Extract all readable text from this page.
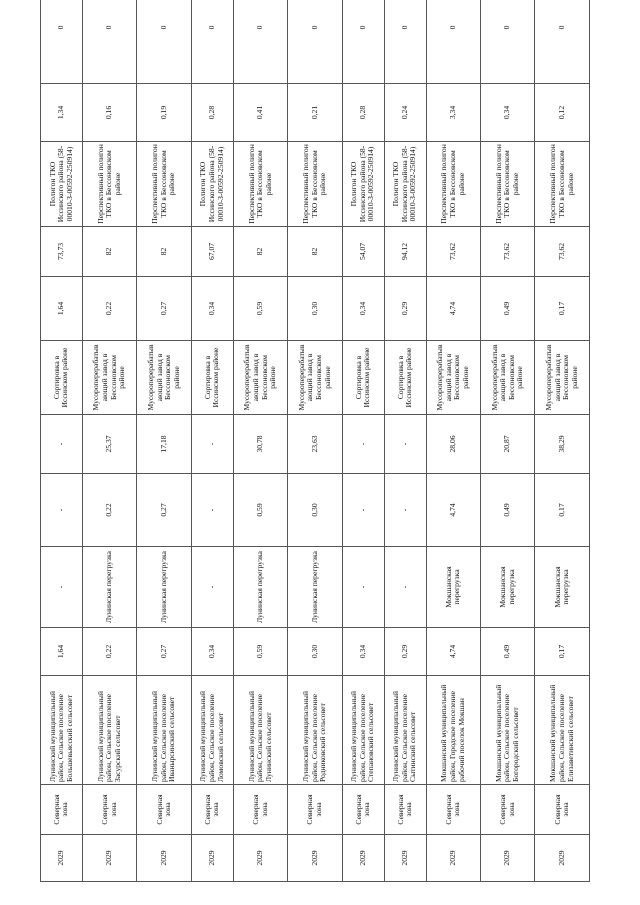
2029	Северная зона	Лунинский муниципальный район, Сельское поселение Большевьясский сельсовет	1,64	-	-	-	Сортировка в Иссинском районе	1,64	73,73	Полигон ТКО Иссинского района (58-00010-З-00592-250914)	1,34	0
2029	Северная зона	Лунинский муниципальный район, Сельское поселение Засурский сельсовет	0,22	Лунинская перегрузка	0,22	25,37	Мусороперерабатывающий завод в Бессоновском районе	0,22	82	Перспективный полигон ТКО в Бессоновском районе	0,16	0
2029	Северная зона	Лунинский муниципальный район, Сельское поселение Иванырсинский сельсовет	0,27	Лунинская перегрузка	0,27	17,18	Мусороперерабатывающий завод в Бессоновском районе	0,27	82	Перспективный полигон ТКО в Бессоновском районе	0,19	0
2029	Северная зона	Лунинский муниципальный район, Сельское поселение Ломовский сельсовет	0,34	-	-	-	Сортировка в Иссинском районе	0,34	67,07	Полигон ТКО Иссинского района (58-00010-З-00592-250914)	0,28	0
2029	Северная зона	Лунинский муниципальный район, Сельское поселение Лунинский сельсовет	0,59	Лунинская перегрузка	0,59	30,78	Мусороперерабатывающий завод в Бессоновском районе	0,59	82	Перспективный полигон ТКО в Бессоновском районе	0,41	0
2029	Северная зона	Лунинский муниципальный район, Сельское поселение Родниковский сельсовет	0,30	Лунинская перегрузка	0,30	23,63	Мусороперерабатывающий завод в Бессоновском районе	0,30	82	Перспективный полигон ТКО в Бессоновском районе	0,21	0
2029	Северная зона	Лунинский муниципальный район, Сельское поселение Степановский сельсовет	0,34	-	-	-	Сортировка в Иссинском районе	0,34	54,07	Полигон ТКО Иссинского района (58-00010-З-00592-250914)	0,28	0
2029	Северная зона	Лунинский муниципальный район, Сельское поселение Сытинский сельсовет	0,29	-	-	-	Сортировка в Иссинском районе	0,29	94,12	Полигон ТКО Иссинского района (58-00010-З-00592-250914)	0,24	0
2029	Северная зона	Мокшанский муниципальный район, Городское поселение рабочий поселок Мокшан	4,74	Мокшанская перегрузка	4,74	28,06	Мусороперерабатывающий завод в Бессоновском районе	4,74	73,62	Перспективный полигон ТКО в Бессоновском районе	3,34	0
2029	Северная зона	Мокшанский муниципальный район, Сельское поселение Богородский сельсовет	0,49	Мокшанская перегрузка	0,49	20,87	Мусороперерабатывающий завод в Бессоновском районе	0,49	73,62	Перспективный полигон ТКО в Бессоновском районе	0,34	0
2029	Северная зона	Мокшанский муниципальный район, Сельское поселение Елизаветинский сельсовет	0,17	Мокшанская перегрузка	0,17	38,29	Мусороперерабатывающий завод в Бессоновском районе	0,17	73,62	Перспективный полигон ТКО в Бессоновском районе	0,12	0
